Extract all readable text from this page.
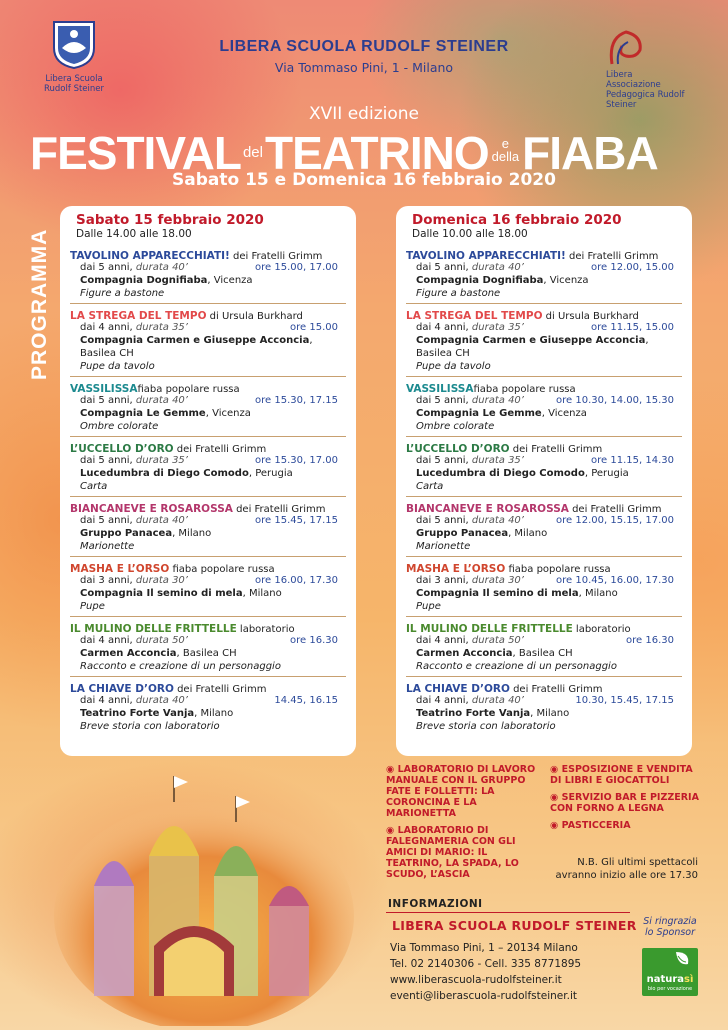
Libera Scuola Rudolf Steiner
Libera Associazione Pedagogica Rudolf Steiner
LIBERA SCUOLA RUDOLF STEINER
Via Tommaso Pini, 1 - Milano
XVII edizione
FESTIVAL delTEATRINO e
dellaFIABA
Sabato 15 e Domenica 16 febbraio 2020
PROGRAMMA
Sabato 15 febbraio 2020
Dalle 14.00 alle 18.00
TAVOLINO APPARECCHIATI! dei Fratelli Grimm
dai 5 anni, durata 40’	ore 15.00, 17.00
Compagnia Dognifiaba, Vicenza
Figure a bastone
LA STREGA DEL TEMPO di Ursula Burkhard
dai 4 anni, durata 35’	ore 15.00
Compagnia Carmen e Giuseppe Acconcia, Basilea CH
Pupe da tavolo
VASSILISSAfiaba popolare russa
dai 5 anni, durata 40’	ore 15.30, 17.15
Compagnia Le Gemme, Vicenza
Ombre colorate
L’UCCELLO D’ORO dei Fratelli Grimm
dai 5 anni, durata 35’	ore 15.30, 17.00
Lucedumbra di Diego Comodo, Perugia
Carta
BIANCANEVE E ROSAROSSA dei Fratelli Grimm
dai 5 anni, durata 40’	ore 15.45, 17.15
Gruppo Panacea, Milano
Marionette
MASHA E L’ORSO fiaba popolare russa
dai 3 anni, durata 30’	ore 16.00, 17.30
Compagnia Il semino di mela, Milano
Pupe
IL MULINO DELLE FRITTELLE laboratorio
dai 4 anni, durata 50’	ore 16.30
Carmen Acconcia, Basilea CH
Racconto e creazione di un personaggio
LA CHIAVE D’ORO dei Fratelli Grimm
dai 4 anni, durata 40’	14.45, 16.15
Teatrino Forte Vanja, Milano
Breve storia con laboratorio
Domenica 16 febbraio 2020
Dalle 10.00 alle 18.00
TAVOLINO APPARECCHIATI! dei Fratelli Grimm
dai 5 anni, durata 40’	ore 12.00, 15.00
Compagnia Dognifiaba, Vicenza
Figure a bastone
LA STREGA DEL TEMPO di Ursula Burkhard
dai 4 anni, durata 35’	ore 11.15, 15.00
Compagnia Carmen e Giuseppe Acconcia, Basilea CH
Pupe da tavolo
VASSILISSAfiaba popolare russa
dai 5 anni, durata 40’	ore 10.30, 14.00, 15.30
Compagnia Le Gemme, Vicenza
Ombre colorate
L’UCCELLO D’ORO dei Fratelli Grimm
dai 5 anni, durata 35’	ore 11.15, 14.30
Lucedumbra di Diego Comodo, Perugia
Carta
BIANCANEVE E ROSAROSSA dei Fratelli Grimm
dai 5 anni, durata 40’	ore 12.00, 15.15, 17.00
Gruppo Panacea, Milano
Marionette
MASHA E L’ORSO fiaba popolare russa
dai 3 anni, durata 30’	ore 10.45, 16.00, 17.30
Compagnia Il semino di mela, Milano
Pupe
IL MULINO DELLE FRITTELLE laboratorio
dai 4 anni, durata 50’	ore 16.30
Carmen Acconcia, Basilea CH
Racconto e creazione di un personaggio
LA CHIAVE D’ORO dei Fratelli Grimm
dai 4 anni, durata 40’	10.30, 15.45, 17.15
Teatrino Forte Vanja, Milano
Breve storia con laboratorio
◉ LABORATORIO DI LAVORO MANUALE CON IL GRUPPO FATE E FOLLETTI: LA CORONCINA E LA MARIONETTA
◉ LABORATORIO DI FALEGNAMERIA CON GLI AMICI DI MARIO: IL TEATRINO, LA SPADA, LO SCUDO, L’ASCIA
◉ ESPOSIZIONE E VENDITA DI LIBRI E GIOCATTOLI
◉ SERVIZIO BAR E PIZZERIA CON FORNO A LEGNA
◉ PASTICCERIA
N.B. Gli ultimi spettacoli avranno inizio alle ore 17.30
INFORMAZIONI
LIBERA SCUOLA RUDOLF STEINER
Via Tommaso Pini, 1 – 20134 Milano
Tel. 02 2140306 - Cell. 335 8771895
www.liberascuola-rudolfsteiner.it
eventi@liberascuola-rudolfsteiner.it
Si ringrazia lo Sponsor
naturasì
bio per vocazione
